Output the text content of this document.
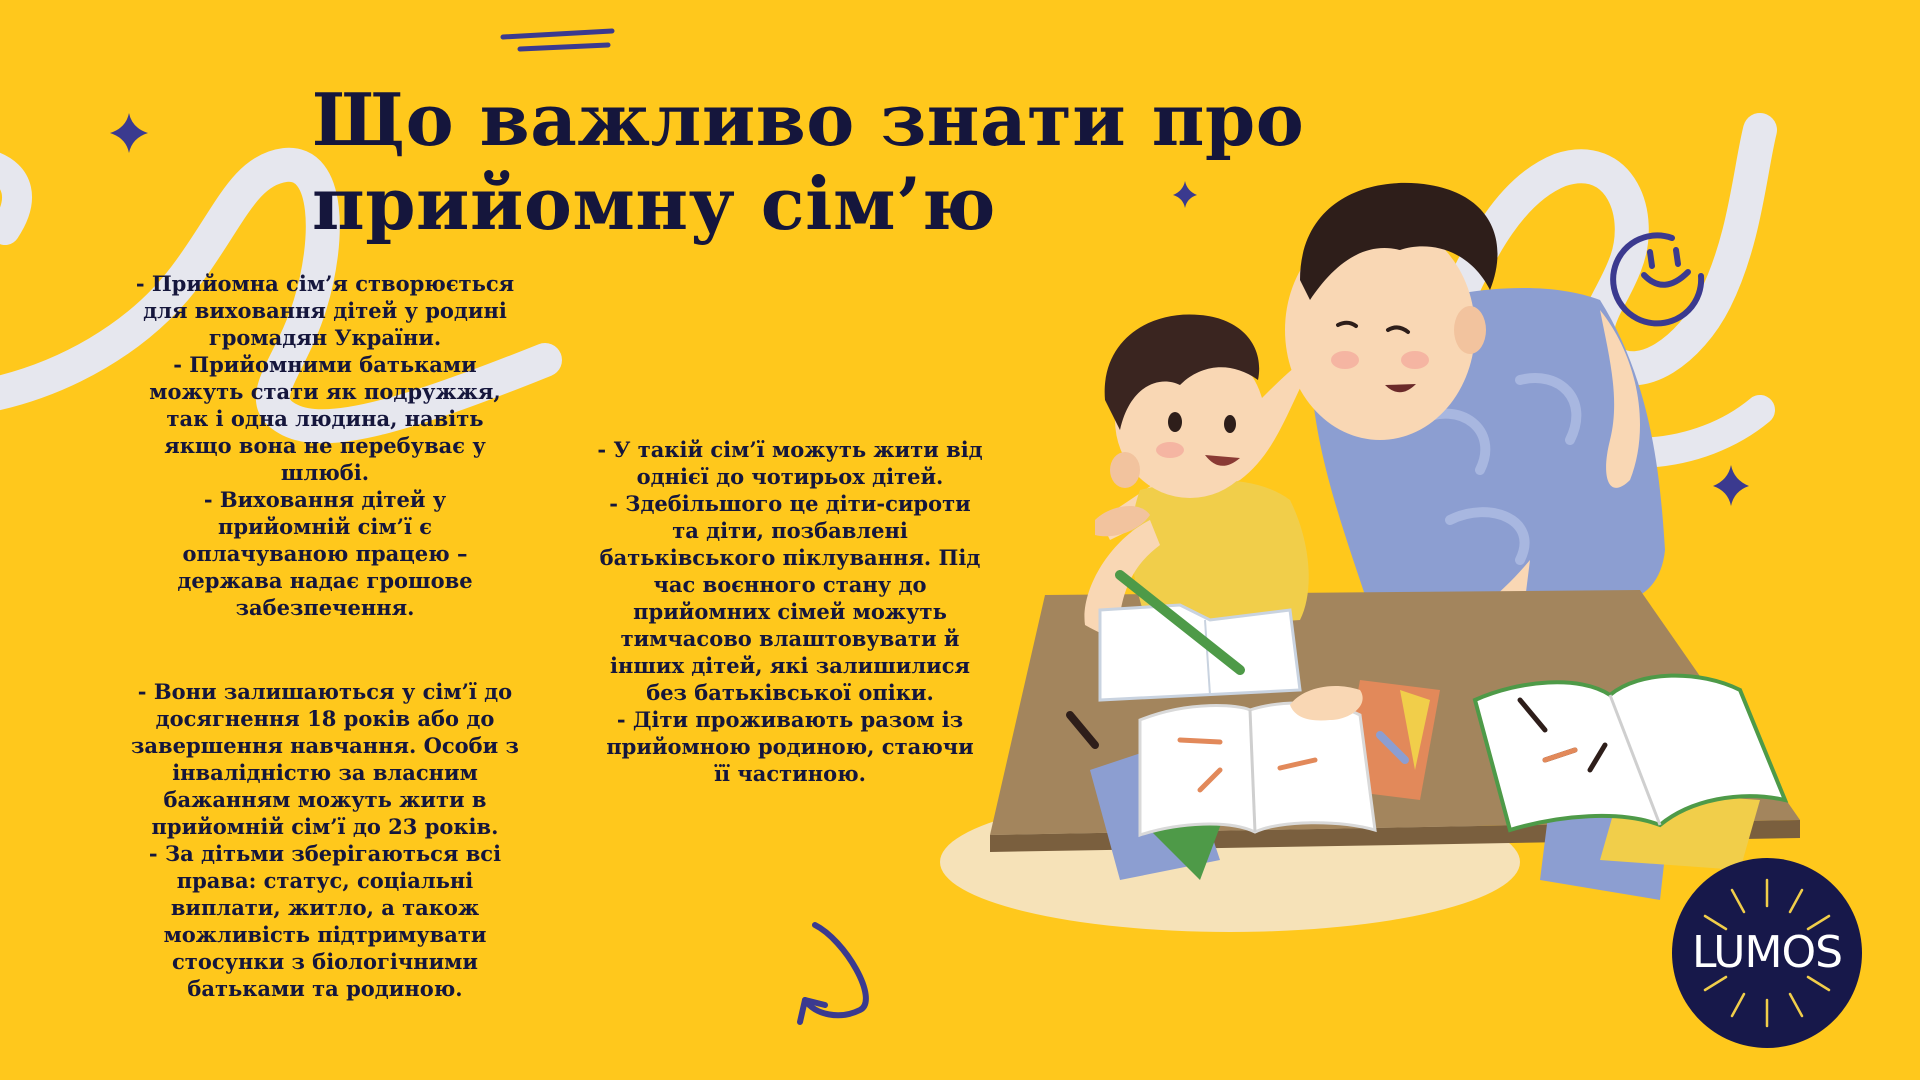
Що важливо знати про
прийомну сім’ю

- Прийомна сім’я створюється
для виховання дітей у родині
громадян України.
- Прийомними батьками
можуть стати як подружжя,
так і одна людина, навіть
якщо вона не перебуває у
шлюбі.
- Виховання дітей у
прийомній сім’ї є
оплачуваною працею –
держава надає грошове
забезпечення.

- Вони залишаються у сім’ї до
досягнення 18 років або до
завершення навчання. Особи з
інвалідністю за власним
бажанням можуть жити в
прийомній сім’ї до 23 років.
- За дітьми зберігаються всі
права: статус, соціальні
виплати, житло, а також
можливість підтримувати
стосунки з біологічними
батьками та родиною.

- У такій сім’ї можуть жити від
однієї до чотирьох дітей.
- Здебільшого це діти-сироти
та діти, позбавлені
батьківського піклування. Під
час воєнного стану до
прийомних сімей можуть
тимчасово влаштовувати й
інших дітей, які залишилися
без батьківської опіки.
- Діти проживають разом із
прийомною родиною, стаючи
її частиною.

LUMOS
